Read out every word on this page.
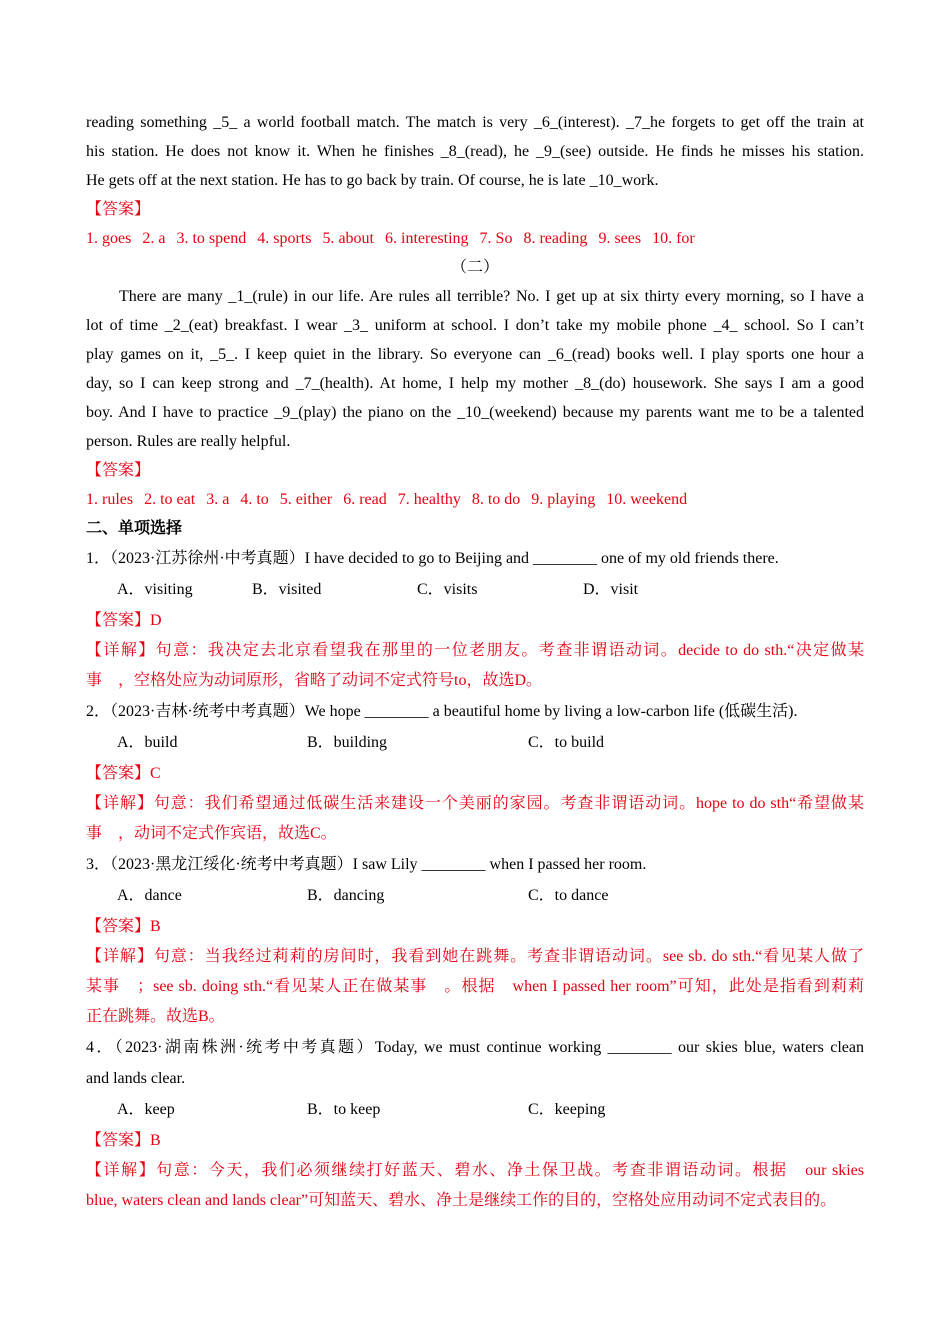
reading something _5_ a world football match. The match is very _6_(interest). _7_he forgets to get off the train at
his station. He does not know it. When he finishes _8_(read), he _9_(see) outside. He finds he misses his station.
He gets off at the next station. He has to go back by train. Of course, he is late _10_work.
【答案】
1. goes 2. a 3. to spend 4. sports 5. about 6. interesting 7. So 8. reading 9. sees 10. for
（二）
There are many _1_(rule) in our life. Are rules all terrible? No. I get up at six thirty every morning, so I have a
lot of time _2_(eat) breakfast. I wear _3_ uniform at school. I don’t take my mobile phone _4_ school. So I can’t
play games on it, _5_. I keep quiet in the library. So everyone can _6_(read) books well. I play sports one hour a
day, so I can keep strong and _7_(health). At home, I help my mother _8_(do) housework. She says I am a good
boy. And I have to practice _9_(play) the piano on the _10_(weekend) because my parents want me to be a talented
person. Rules are really helpful.
【答案】
1. rules 2. to eat 3. a 4. to 5. either 6. read 7. healthy 8. to do 9. playing 10. weekend
二、单项选择
1．（2023·江苏徐州·中考真题）I have decided to go to Beijing and ________ one of my old friends there.
A．visiting	B．visited	C．visits	D．visit
【答案】D
【详解】句意：我决定去北京看望我在那里的一位老朋友。考查非谓语动词。decide to do sth.“决定做某
事　，空格处应为动词原形，省略了动词不定式符号to，故选D。
2．（2023·吉林·统考中考真题）We hope ________ a beautiful home by living a low-carbon life (低碳生活).
A．build	B．building	C．to build
【答案】C
【详解】句意：我们希望通过低碳生活来建设一个美丽的家园。考查非谓语动词。hope to do sth“希望做某
事　，动词不定式作宾语，故选C。
3．（2023·黑龙江绥化·统考中考真题）I saw Lily ________ when I passed her room.
A．dance	B．dancing	C．to dance
【答案】B
【详解】句意：当我经过莉莉的房间时，我看到她在跳舞。考查非谓语动词。see sb. do sth.“看见某人做了
某事　；see sb. doing sth.“看见某人正在做某事　。根据　when I passed her room”可知，此处是指看到莉莉
正在跳舞。故选B。
4．（2023·湖南株洲·统考中考真题）Today, we must continue working ________ our skies blue, waters clean
and lands clear.
A．keep	B．to keep	C．keeping
【答案】B
【详解】句意：今天，我们必须继续打好蓝天、碧水、净土保卫战。考查非谓语动词。根据　our skies
blue, waters clean and lands clear”可知蓝天、碧水、净土是继续工作的目的，空格处应用动词不定式表目的。
